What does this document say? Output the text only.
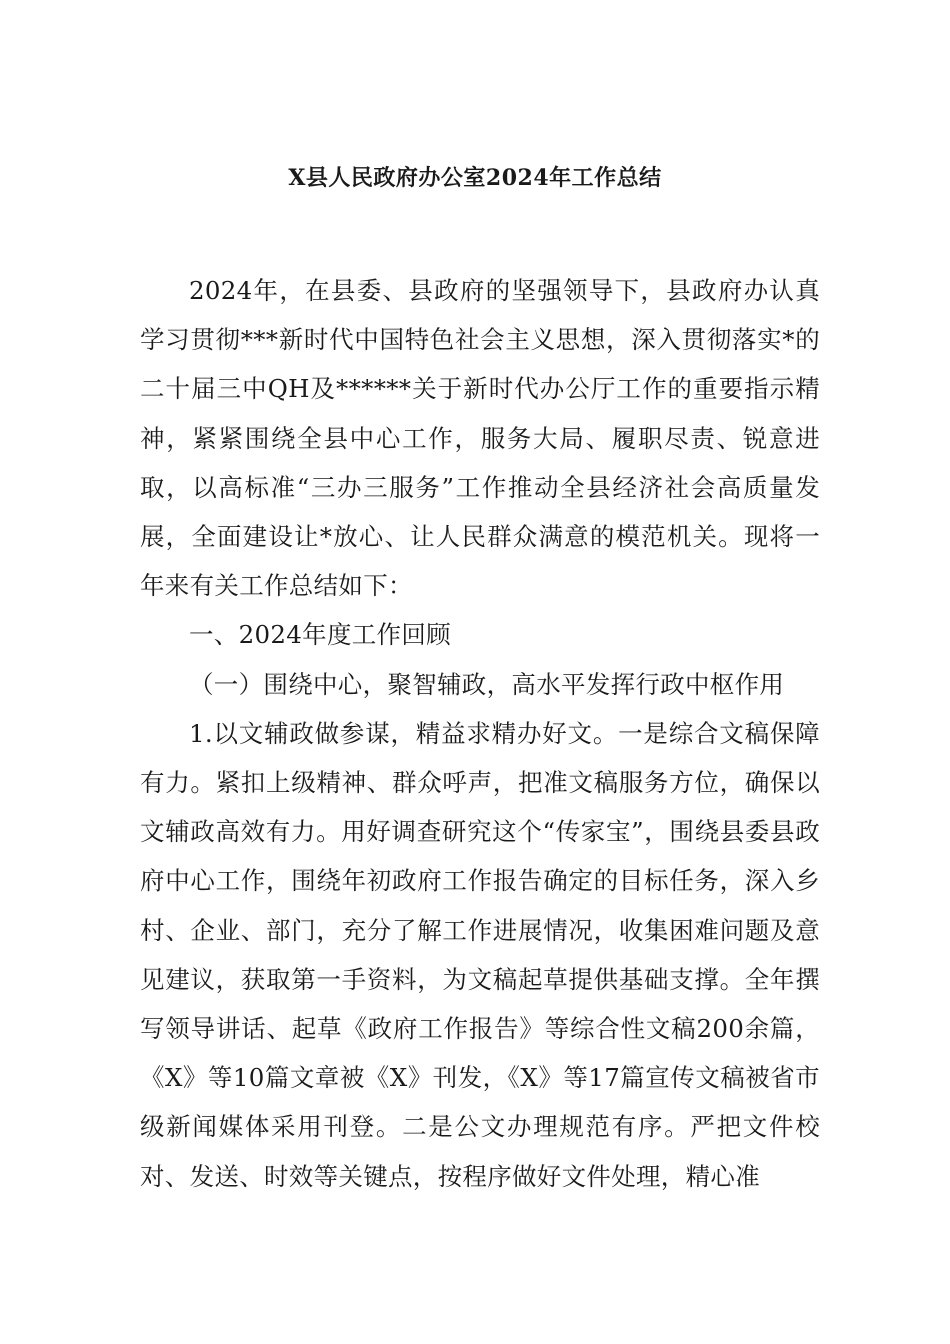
X县人民政府办公室2024年工作总结

2024年，在县委、县政府的坚强领导下，县政府办认真学习贯彻***新时代中国特色社会主义思想，深入贯彻落实*的二十届三中QH及******关于新时代办公厅工作的重要指示精神，紧紧围绕全县中心工作，服务大局、履职尽责、锐意进取，以高标准“三办三服务”工作推动全县经济社会高质量发展，全面建设让*放心、让人民群众满意的模范机关。现将一年来有关工作总结如下：

一、2024年度工作回顾

（一）围绕中心，聚智辅政，高水平发挥行政中枢作用

1.以文辅政做参谋，精益求精办好文。一是综合文稿保障有力。紧扣上级精神、群众呼声，把准文稿服务方位，确保以文辅政高效有力。用好调查研究这个“传家宝”，围绕县委县政府中心工作，围绕年初政府工作报告确定的目标任务，深入乡村、企业、部门，充分了解工作进展情况，收集困难问题及意见建议，获取第一手资料，为文稿起草提供基础支撑。全年撰写领导讲话、起草《政府工作报告》等综合性文稿200余篇，《X》等10篇文章被《X》刊发，《X》等17篇宣传文稿被省市级新闻媒体采用刊登。二是公文办理规范有序。严把文件校对、发送、时效等关键点，按程序做好文件处理，精心准
